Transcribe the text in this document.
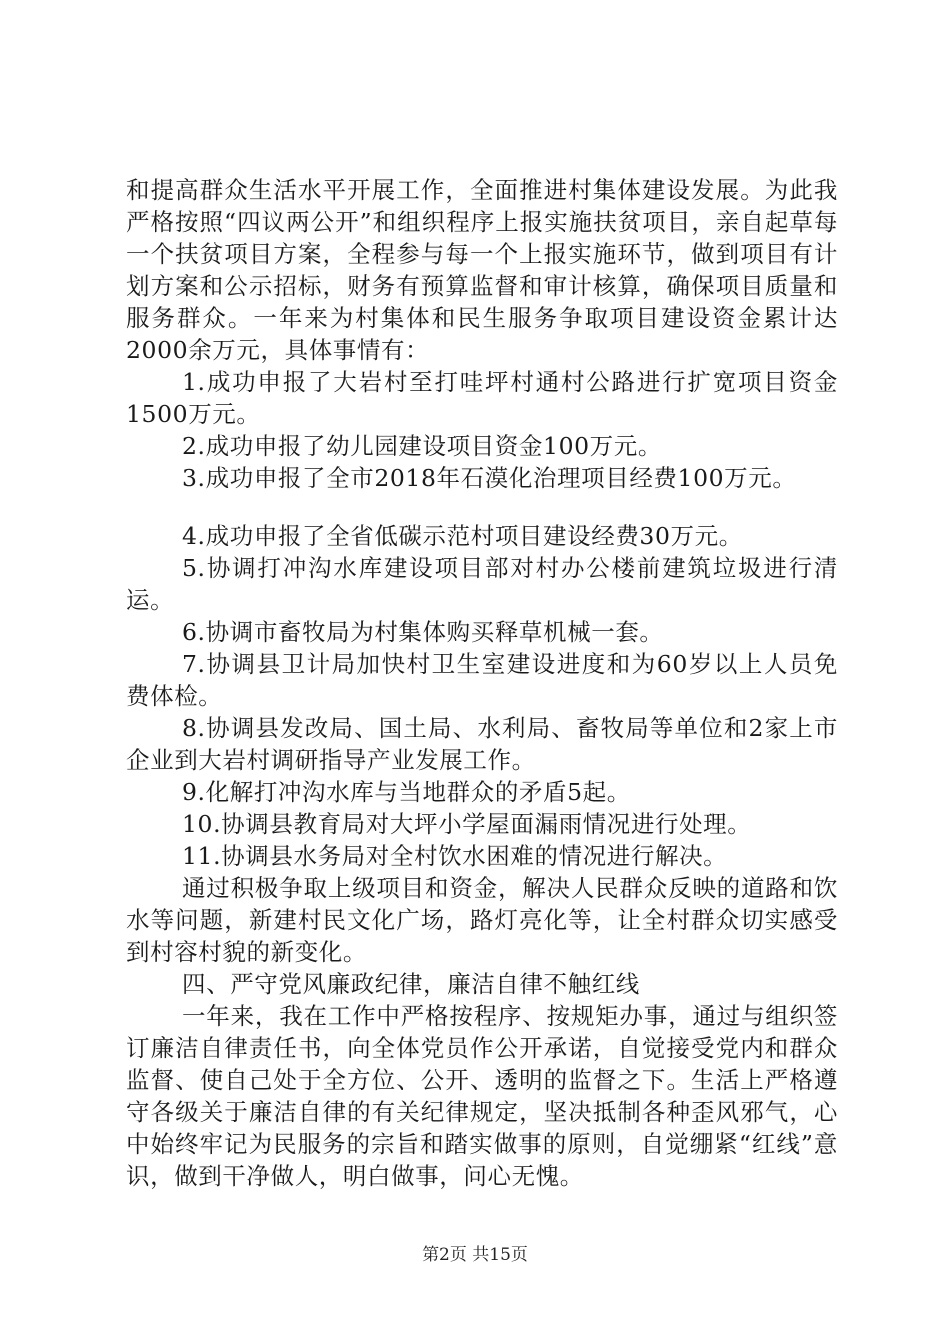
和提高群众生活水平开展工作，全面推进村集体建设发展。为此我严格按照“四议两公开”和组织程序上报实施扶贫项目，亲自起草每一个扶贫项目方案，全程参与每一个上报实施环节，做到项目有计划方案和公示招标，财务有预算监督和审计核算，确保项目质量和服务群众。一年来为村集体和民生服务争取项目建设资金累计达2000余万元，具体事情有：

1.成功申报了大岩村至打哇坪村通村公路进行扩宽项目资金1500万元。

2.成功申报了幼儿园建设项目资金100万元。

3.成功申报了全市2018年石漠化治理项目经费100万元。

4.成功申报了全省低碳示范村项目建设经费30万元。

5.协调打冲沟水库建设项目部对村办公楼前建筑垃圾进行清运。

6.协调市畜牧局为村集体购买释草机械一套。

7.协调县卫计局加快村卫生室建设进度和为60岁以上人员免费体检。

8.协调县发改局、国土局、水利局、畜牧局等单位和2家上市企业到大岩村调研指导产业发展工作。

9.化解打冲沟水库与当地群众的矛盾5起。

10.协调县教育局对大坪小学屋面漏雨情况进行处理。

11.协调县水务局对全村饮水困难的情况进行解决。

通过积极争取上级项目和资金，解决人民群众反映的道路和饮水等问题，新建村民文化广场，路灯亮化等，让全村群众切实感受到村容村貌的新变化。

四、严守党风廉政纪律，廉洁自律不触红线

一年来，我在工作中严格按程序、按规矩办事，通过与组织签订廉洁自律责任书，向全体党员作公开承诺，自觉接受党内和群众监督、使自己处于全方位、公开、透明的监督之下。生活上严格遵守各级关于廉洁自律的有关纪律规定，坚决抵制各种歪风邪气，心中始终牢记为民服务的宗旨和踏实做事的原则，自觉绷紧“红线”意识，做到干净做人，明白做事，问心无愧。

第2页 共15页
